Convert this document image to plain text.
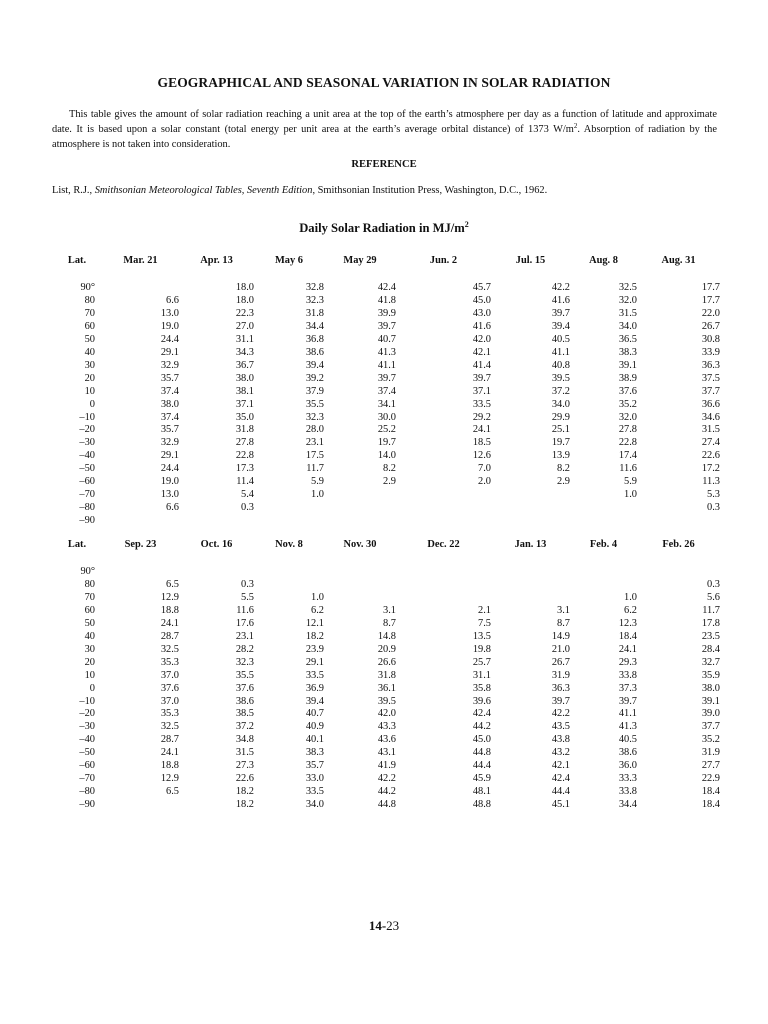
GEOGRAPHICAL AND SEASONAL VARIATION IN SOLAR RADIATION

This table gives the amount of solar radiation reaching a unit area at the top of the earth’s atmosphere per day as a function of latitude and approximate date. It is based upon a solar constant (total energy per unit area at the earth’s average orbital distance) of 1373 $W/m^2$. Absorption of radiation by the atmosphere is not taken into consideration.

REFERENCE

List, R.J., Smithsonian Meteorological Tables, Seventh Edition, Smithsonian Institution Press, Washington, D.C., 1962.

Daily Solar Radiation in $MJ/m^2$
Lat.	Mar. 21	Apr. 13	May 6	May 29	Jun. 2	Jul. 15	Aug. 8	Aug. 31

90°		18.0	32.8	42.4	45.7	42.2	32.5	17.7
80	6.6	18.0	32.3	41.8	45.0	41.6	32.0	17.7
70	13.0	22.3	31.8	39.9	43.0	39.7	31.5	22.0
60	19.0	27.0	34.4	39.7	41.6	39.4	34.0	26.7
50	24.4	31.1	36.8	40.7	42.0	40.5	36.5	30.8
40	29.1	34.3	38.6	41.3	42.1	41.1	38.3	33.9
30	32.9	36.7	39.4	41.1	41.4	40.8	39.1	36.3
20	35.7	38.0	39.2	39.7	39.7	39.5	38.9	37.5
10	37.4	38.1	37.9	37.4	37.1	37.2	37.6	37.7
0	38.0	37.1	35.5	34.1	33.5	34.0	35.2	36.6
–10	37.4	35.0	32.3	30.0	29.2	29.9	32.0	34.6
–20	35.7	31.8	28.0	25.2	24.1	25.1	27.8	31.5
–30	32.9	27.8	23.1	19.7	18.5	19.7	22.8	27.4
–40	29.1	22.8	17.5	14.0	12.6	13.9	17.4	22.6
–50	24.4	17.3	11.7	8.2	7.0	8.2	11.6	17.2
–60	19.0	11.4	5.9	2.9	2.0	2.9	5.9	11.3
–70	13.0	5.4	1.0				1.0	5.3
–80	6.6	0.3						0.3
–90								
Lat.	Sep. 23	Oct. 16	Nov. 8	Nov. 30	Dec. 22	Jan. 13	Feb. 4	Feb. 26

90°								
80	6.5	0.3						0.3
70	12.9	5.5	1.0				1.0	5.6
60	18.8	11.6	6.2	3.1	2.1	3.1	6.2	11.7
50	24.1	17.6	12.1	8.7	7.5	8.7	12.3	17.8
40	28.7	23.1	18.2	14.8	13.5	14.9	18.4	23.5
30	32.5	28.2	23.9	20.9	19.8	21.0	24.1	28.4
20	35.3	32.3	29.1	26.6	25.7	26.7	29.3	32.7
10	37.0	35.5	33.5	31.8	31.1	31.9	33.8	35.9
0	37.6	37.6	36.9	36.1	35.8	36.3	37.3	38.0
–10	37.0	38.6	39.4	39.5	39.6	39.7	39.7	39.1
–20	35.3	38.5	40.7	42.0	42.4	42.2	41.1	39.0
–30	32.5	37.2	40.9	43.3	44.2	43.5	41.3	37.7
–40	28.7	34.8	40.1	43.6	45.0	43.8	40.5	35.2
–50	24.1	31.5	38.3	43.1	44.8	43.2	38.6	31.9
–60	18.8	27.3	35.7	41.9	44.4	42.1	36.0	27.7
–70	12.9	22.6	33.0	42.2	45.9	42.4	33.3	22.9
–80	6.5	18.2	33.5	44.2	48.1	44.4	33.8	18.4
–90		18.2	34.0	44.8	48.8	45.1	34.4	18.4
14-23
